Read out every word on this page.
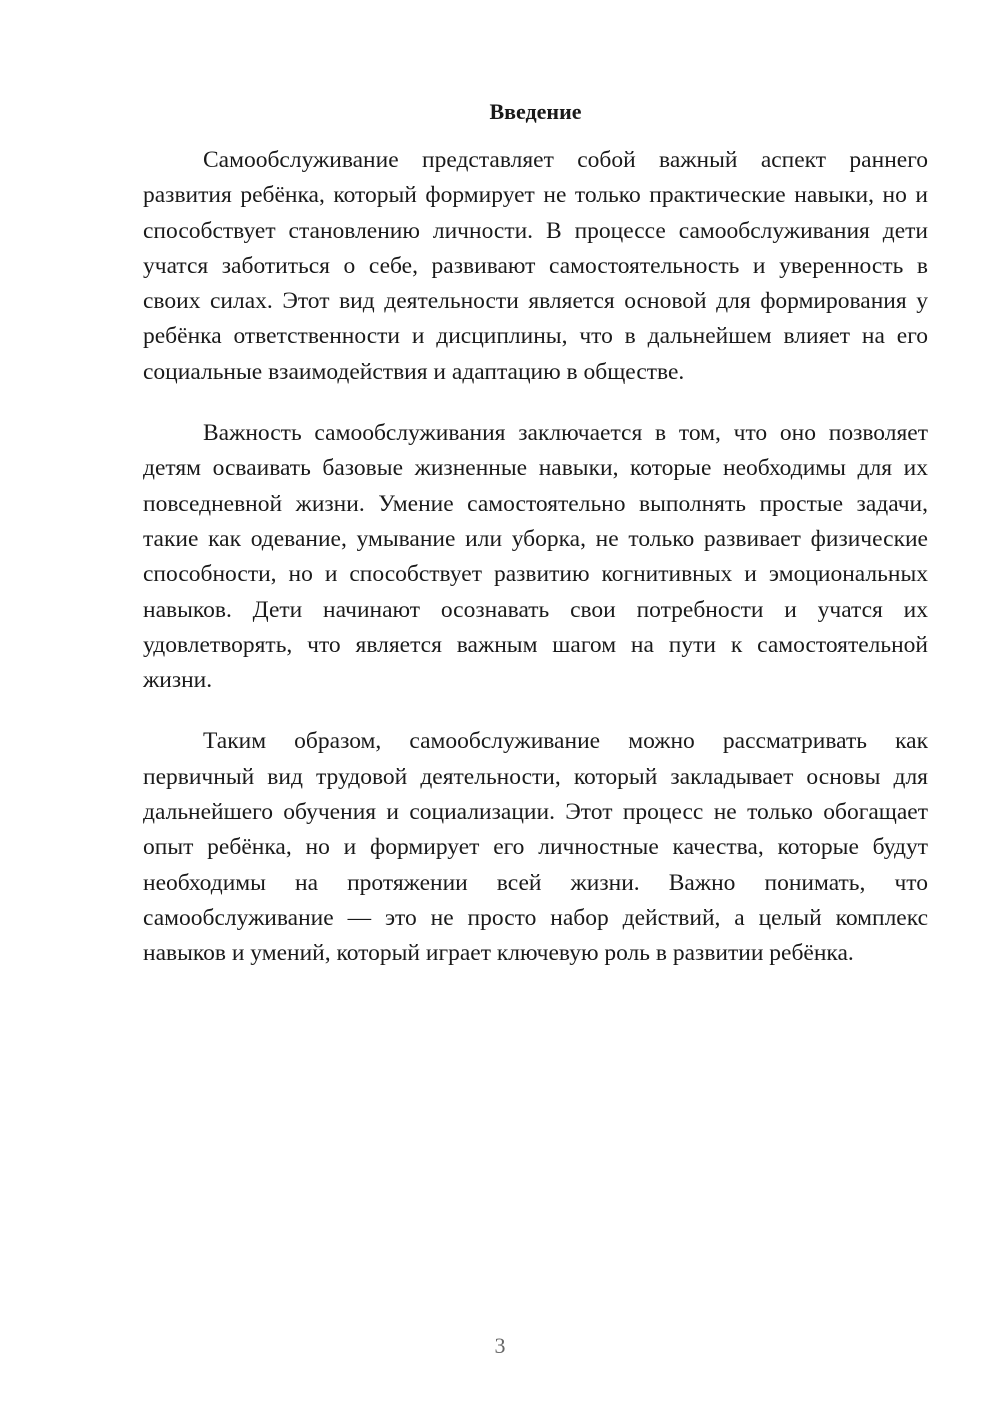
Введение

Самообслуживание представляет собой важный аспект раннего развития ребёнка, который формирует не только практические навыки, но и способствует становлению личности. В процессе самообслуживания дети учатся заботиться о себе, развивают самостоятельность и уверенность в своих силах. Этот вид деятельности является основой для формирования у ребёнка ответственности и дисциплины, что в дальнейшем влияет на его социальные взаимодействия и адаптацию в обществе.

Важность самообслуживания заключается в том, что оно позволяет детям осваивать базовые жизненные навыки, которые необходимы для их повседневной жизни. Умение самостоятельно выполнять простые задачи, такие как одевание, умывание или уборка, не только развивает физические способности, но и способствует развитию когнитивных и эмоциональных навыков. Дети начинают осознавать свои потребности и учатся их удовлетворять, что является важным шагом на пути к самостоятельной жизни.

Таким образом, самообслуживание можно рассматривать как первичный вид трудовой деятельности, который закладывает основы для дальнейшего обучения и социализации. Этот процесс не только обогащает опыт ребёнка, но и формирует его личностные качества, которые будут необходимы на протяжении всей жизни. Важно понимать, что самообслуживание — это не просто набор действий, а целый комплекс навыков и умений, который играет ключевую роль в развитии ребёнка.

3
